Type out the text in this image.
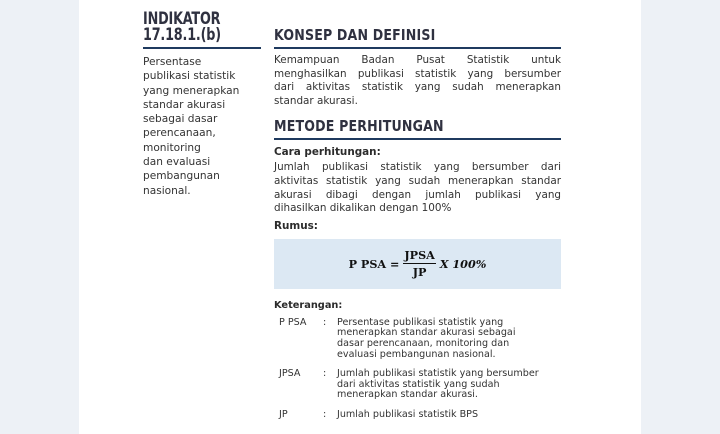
INDIKATOR
17.18.1.(b)
Persentase
publikasi statistik
yang menerapkan
standar akurasi
sebagai dasar
perencanaan,
monitoring
dan evaluasi
pembangunan
nasional.
KONSEP DAN DEFINISI
Kemampuan Badan Pusat Statistik untuk
menghasilkan publikasi statistik yang bersumber
dari aktivitas statistik yang sudah menerapkan
standar akurasi.
METODE PERHITUNGAN
Cara perhitungan:
Jumlah publikasi statistik yang bersumber dari
aktivitas statistik yang sudah menerapkan standar
akurasi dibagi dengan jumlah publikasi yang
dihasilkan dikalikan dengan 100%
Rumus:
P PSA = $\frac{\text{JPSA}}{JP}$ X 100%
Keterangan:
P PSA	:	Persentase publikasi statistik yang
menerapkan standar akurasi sebagai
dasar perencanaan, monitoring dan
evaluasi pembangunan nasional.
JPSA	:	Jumlah publikasi statistik yang bersumber
dari aktivitas statistik yang sudah
menerapkan standar akurasi.
JP	:	Jumlah publikasi statistik BPS
